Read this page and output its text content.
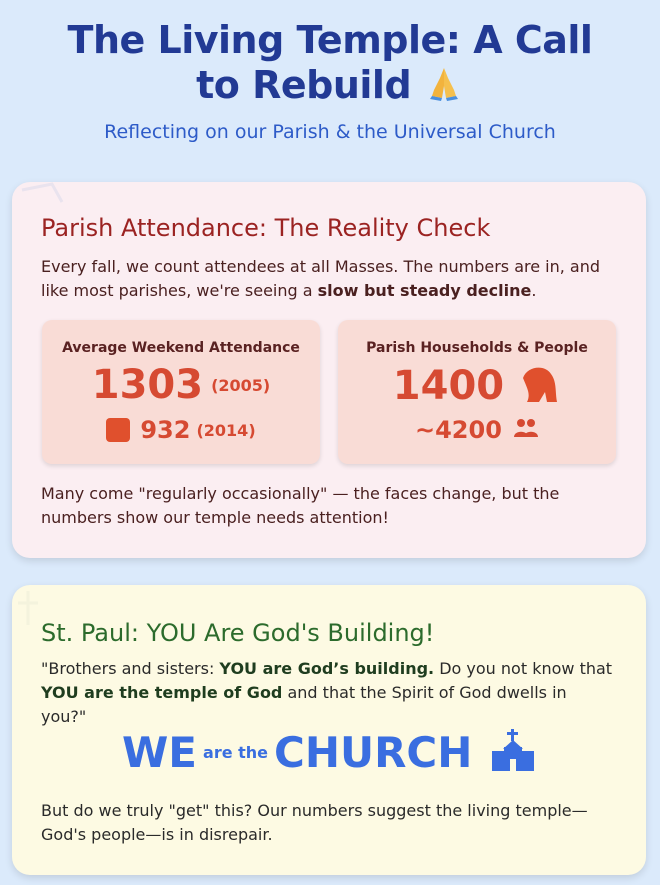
The Living Temple: A Call to Rebuild
Reflecting on our Parish & the Universal Church
Parish Attendance: The Reality Check
Every fall, we count attendees at all Masses. The numbers are in, and like most parishes, we're seeing a slow but steady decline.
Average Weekend Attendance
1303 (2005)
932 (2014)
Parish Households & People
1400
~4200
Many come "regularly occasionally" — the faces change, but the numbers show our temple needs attention!
St. Paul: YOU Are God's Building!
"Brothers and sisters: YOU are God’s building. Do you not know that YOU are the temple of God and that the Spirit of God dwells in you?"
WE are the CHURCH
But do we truly "get" this? Our numbers suggest the living temple—God's people—is in disrepair.
